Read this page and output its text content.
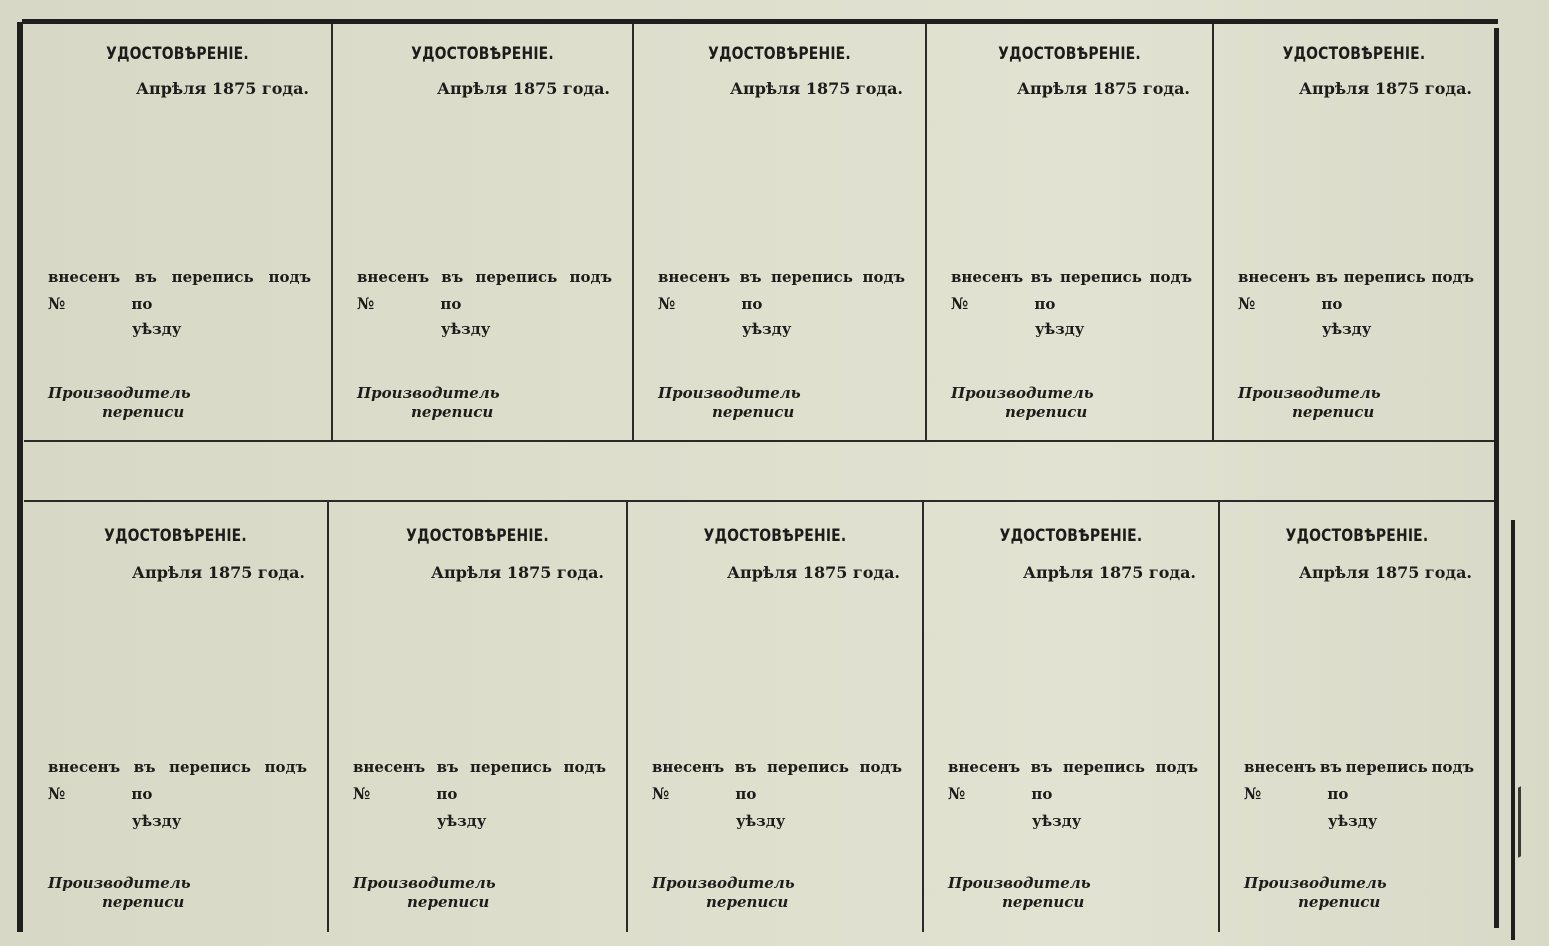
УДОСТОВѢРЕНІЕ.
Апрѣля 1875 года.
внесенъ въ перепись подъ
№	по
уѣзду
Производитель
переписи
УДОСТОВѢРЕНІЕ.
Апрѣля 1875 года.
внесенъ въ перепись подъ
№	по
уѣзду
Производитель
переписи
УДОСТОВѢРЕНІЕ.
Апрѣля 1875 года.
внесенъ въ перепись подъ
№	по
уѣзду
Производитель
переписи
УДОСТОВѢРЕНІЕ.
Апрѣля 1875 года.
внесенъ въ перепись подъ
№	по
уѣзду
Производитель
переписи
УДОСТОВѢРЕНІЕ.
Апрѣля 1875 года.
внесенъ въ перепись подъ
№	по
уѣзду
Производитель
переписи
УДОСТОВѢРЕНІЕ.
Апрѣля 1875 года.
внесенъ въ перепись подъ
№	по
уѣзду
Производитель
переписи
УДОСТОВѢРЕНІЕ.
Апрѣля 1875 года.
внесенъ въ перепись подъ
№	по
уѣзду
Производитель
переписи
УДОСТОВѢРЕНІЕ.
Апрѣля 1875 года.
внесенъ въ перепись подъ
№	по
уѣзду
Производитель
переписи
УДОСТОВѢРЕНІЕ.
Апрѣля 1875 года.
внесенъ въ перепись подъ
№	по
уѣзду
Производитель
переписи
УДОСТОВѢРЕНІЕ.
Апрѣля 1875 года.
внесенъ въ перепись подъ
№	по
уѣзду
Производитель
переписи
